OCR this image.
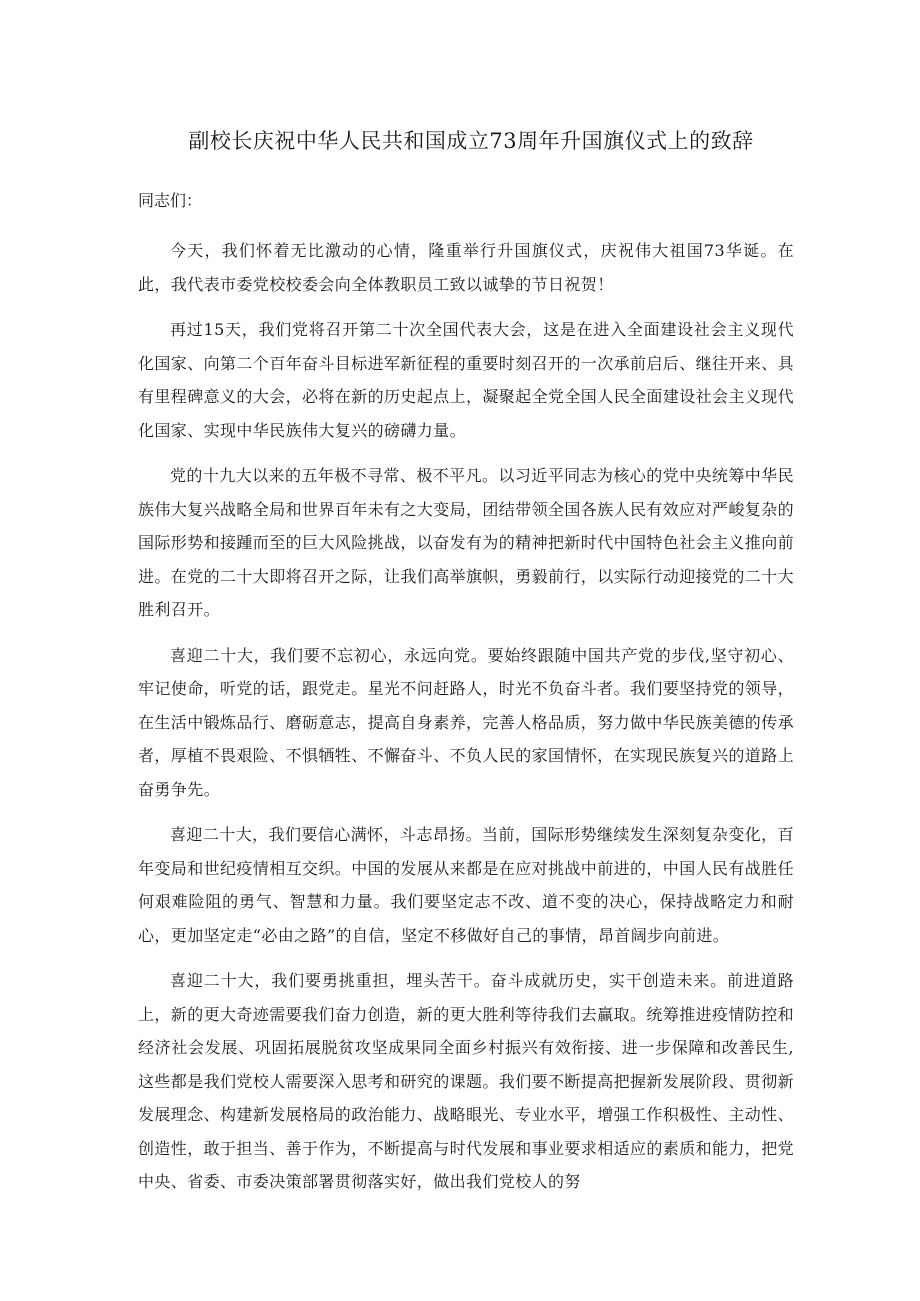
副校长庆祝中华人民共和国成立73周年升国旗仪式上的致辞

同志们：

今天，我们怀着无比激动的心情，隆重举行升国旗仪式，庆祝伟大祖国73华诞。在此，我代表市委党校校委会向全体教职员工致以诚挚的节日祝贺！

再过15天，我们党将召开第二十次全国代表大会，这是在进入全面建设社会主义现代化国家、向第二个百年奋斗目标进军新征程的重要时刻召开的一次承前启后、继往开来、具有里程碑意义的大会，必将在新的历史起点上，凝聚起全党全国人民全面建设社会主义现代化国家、实现中华民族伟大复兴的磅礴力量。

党的十九大以来的五年极不寻常、极不平凡。以习近平同志为核心的党中央统筹中华民族伟大复兴战略全局和世界百年未有之大变局，团结带领全国各族人民有效应对严峻复杂的国际形势和接踵而至的巨大风险挑战，以奋发有为的精神把新时代中国特色社会主义推向前进。在党的二十大即将召开之际，让我们高举旗帜，勇毅前行，以实际行动迎接党的二十大胜利召开。

喜迎二十大，我们要不忘初心，永远向党。要始终跟随中国共产党的步伐,坚守初心、牢记使命，听党的话，跟党走。星光不问赶路人，时光不负奋斗者。我们要坚持党的领导，在生活中锻炼品行、磨砺意志，提高自身素养，完善人格品质，努力做中华民族美德的传承者，厚植不畏艰险、不惧牺牲、不懈奋斗、不负人民的家国情怀，在实现民族复兴的道路上奋勇争先。

喜迎二十大，我们要信心满怀，斗志昂扬。当前，国际形势继续发生深刻复杂变化，百年变局和世纪疫情相互交织。中国的发展从来都是在应对挑战中前进的，中国人民有战胜任何艰难险阻的勇气、智慧和力量。我们要坚定志不改、道不变的决心，保持战略定力和耐心，更加坚定走“必由之路”的自信，坚定不移做好自己的事情，昂首阔步向前进。

喜迎二十大，我们要勇挑重担，埋头苦干。奋斗成就历史，实干创造未来。前进道路上，新的更大奇迹需要我们奋力创造，新的更大胜利等待我们去赢取。统筹推进疫情防控和经济社会发展、巩固拓展脱贫攻坚成果同全面乡村振兴有效衔接、进一步保障和改善民生,这些都是我们党校人需要深入思考和研究的课题。我们要不断提高把握新发展阶段、贯彻新发展理念、构建新发展格局的政治能力、战略眼光、专业水平，增强工作积极性、主动性、创造性，敢于担当、善于作为，不断提高与时代发展和事业要求相适应的素质和能力，把党中央、省委、市委决策部署贯彻落实好，做出我们党校人的努
